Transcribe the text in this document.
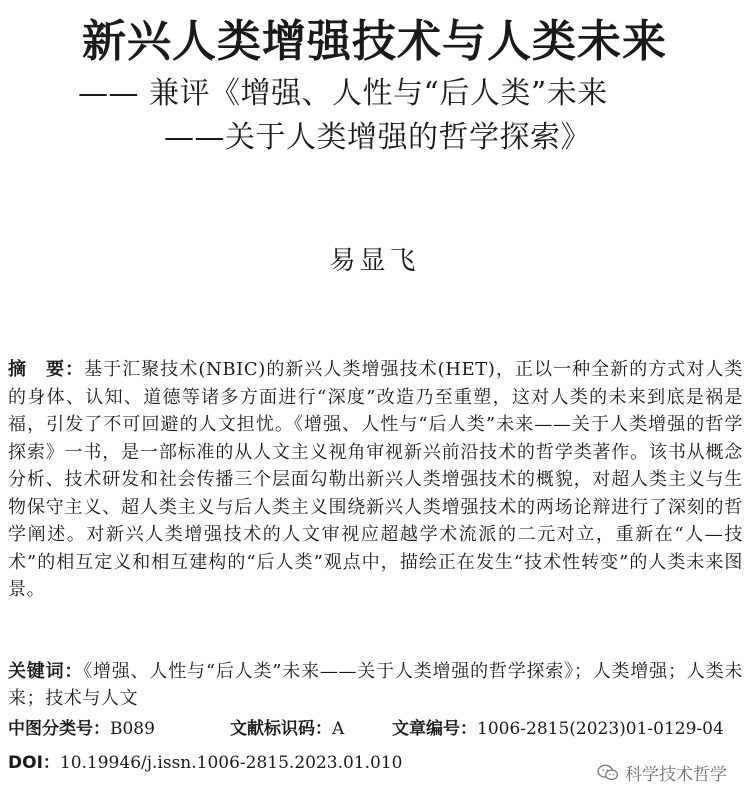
新兴人类增强技术与人类未来
—— 兼评《增强、人性与“后人类”未来
——关于人类增强的哲学探索》
易显飞
摘　要：基于汇聚技术(NBIC)的新兴人类增强技术(HET)，正以一种全新的方式对人类的身体、认知、道德等诸多方面进行“深度”改造乃至重塑，这对人类的未来到底是祸是福，引发了不可回避的人文担忧。《增强、人性与“后人类”未来——关于人类增强的哲学探索》一书，是一部标准的从人文主义视角审视新兴前沿技术的哲学类著作。该书从概念分析、技术研发和社会传播三个层面勾勒出新兴人类增强技术的概貌，对超人类主义与生物保守主义、超人类主义与后人类主义围绕新兴人类增强技术的两场论辩进行了深刻的哲学阐述。对新兴人类增强技术的人文审视应超越学术流派的二元对立，重新在“人—技术”的相互定义和相互建构的“后人类”观点中，描绘正在发生“技术性转变”的人类未来图景。
关键词：《增强、人性与“后人类”未来——关于人类增强的哲学探索》；人类增强；人类未来；技术与人文
中图分类号：B089	文献标识码：A	文章编号：1006-2815(2023)01-0129-04
DOI：10.19946/j.issn.1006-2815.2023.01.010
科学技术哲学
